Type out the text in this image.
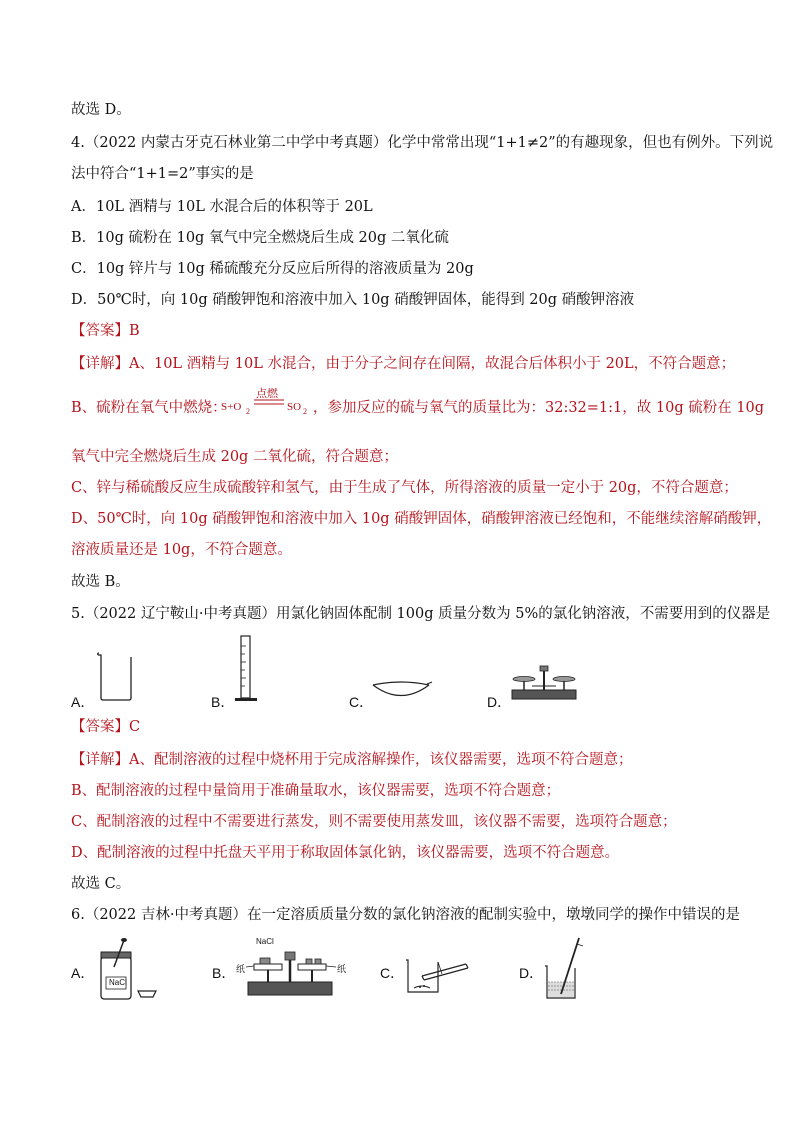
故选 D。
4.（2022 内蒙古牙克石林业第二中学中考真题）化学中常常出现“1+1≠2”的有趣现象，但也有例外。下列说
法中符合“1+1=2”事实的是
A．10L 酒精与 10L 水混合后的体积等于 20L
B．10g 硫粉在 10g 氧气中完全燃烧后生成 20g 二氧化硫
C．10g 锌片与 10g 稀硫酸充分反应后所得的溶液质量为 20g
D．50℃时，向 10g 硝酸钾饱和溶液中加入 10g 硝酸钾固体，能得到 20g 硝酸钾溶液
【答案】B
【详解】A、10L 酒精与 10L 水混合，由于分子之间存在间隔，故混合后体积小于 20L，不符合题意；
B、硫粉在氧气中燃烧：
S+O 2
点燃
SO 2 ，参加反应的硫与氧气的质量比为：32:32=1:1，故 10g 硫粉在 10g
氧气中完全燃烧后生成 20g 二氧化硫，符合题意；
C、锌与稀硫酸反应生成硫酸锌和氢气，由于生成了气体，所得溶液的质量一定小于 20g，不符合题意；
D、50℃时，向 10g 硝酸钾饱和溶液中加入 10g 硝酸钾固体，硝酸钾溶液已经饱和，不能继续溶解硝酸钾，
溶液质量还是 10g，不符合题意。
故选 B。
5.（2022 辽宁鞍山·中考真题）用氯化钠固体配制 100g 质量分数为 5%的氯化钠溶液，不需要用到的仪器是
A．	B．	C．	D．
【答案】C
【详解】A、配制溶液的过程中烧杯用于完成溶解操作，该仪器需要，选项不符合题意；
B、配制溶液的过程中量筒用于准确量取水，该仪器需要，选项不符合题意；
C、配制溶液的过程中不需要进行蒸发，则不需要使用蒸发皿，该仪器不需要，选项符合题意；
D、配制溶液的过程中托盘天平用于称取固体氯化钠，该仪器需要，选项不符合题意。
故选 C。
6.（2022 吉林·中考真题）在一定溶质质量分数的氯化钠溶液的配制实验中，墩墩同学的操作中错误的是
A．
NaCl
B．
NaCl
纸	纸 C．	D．
